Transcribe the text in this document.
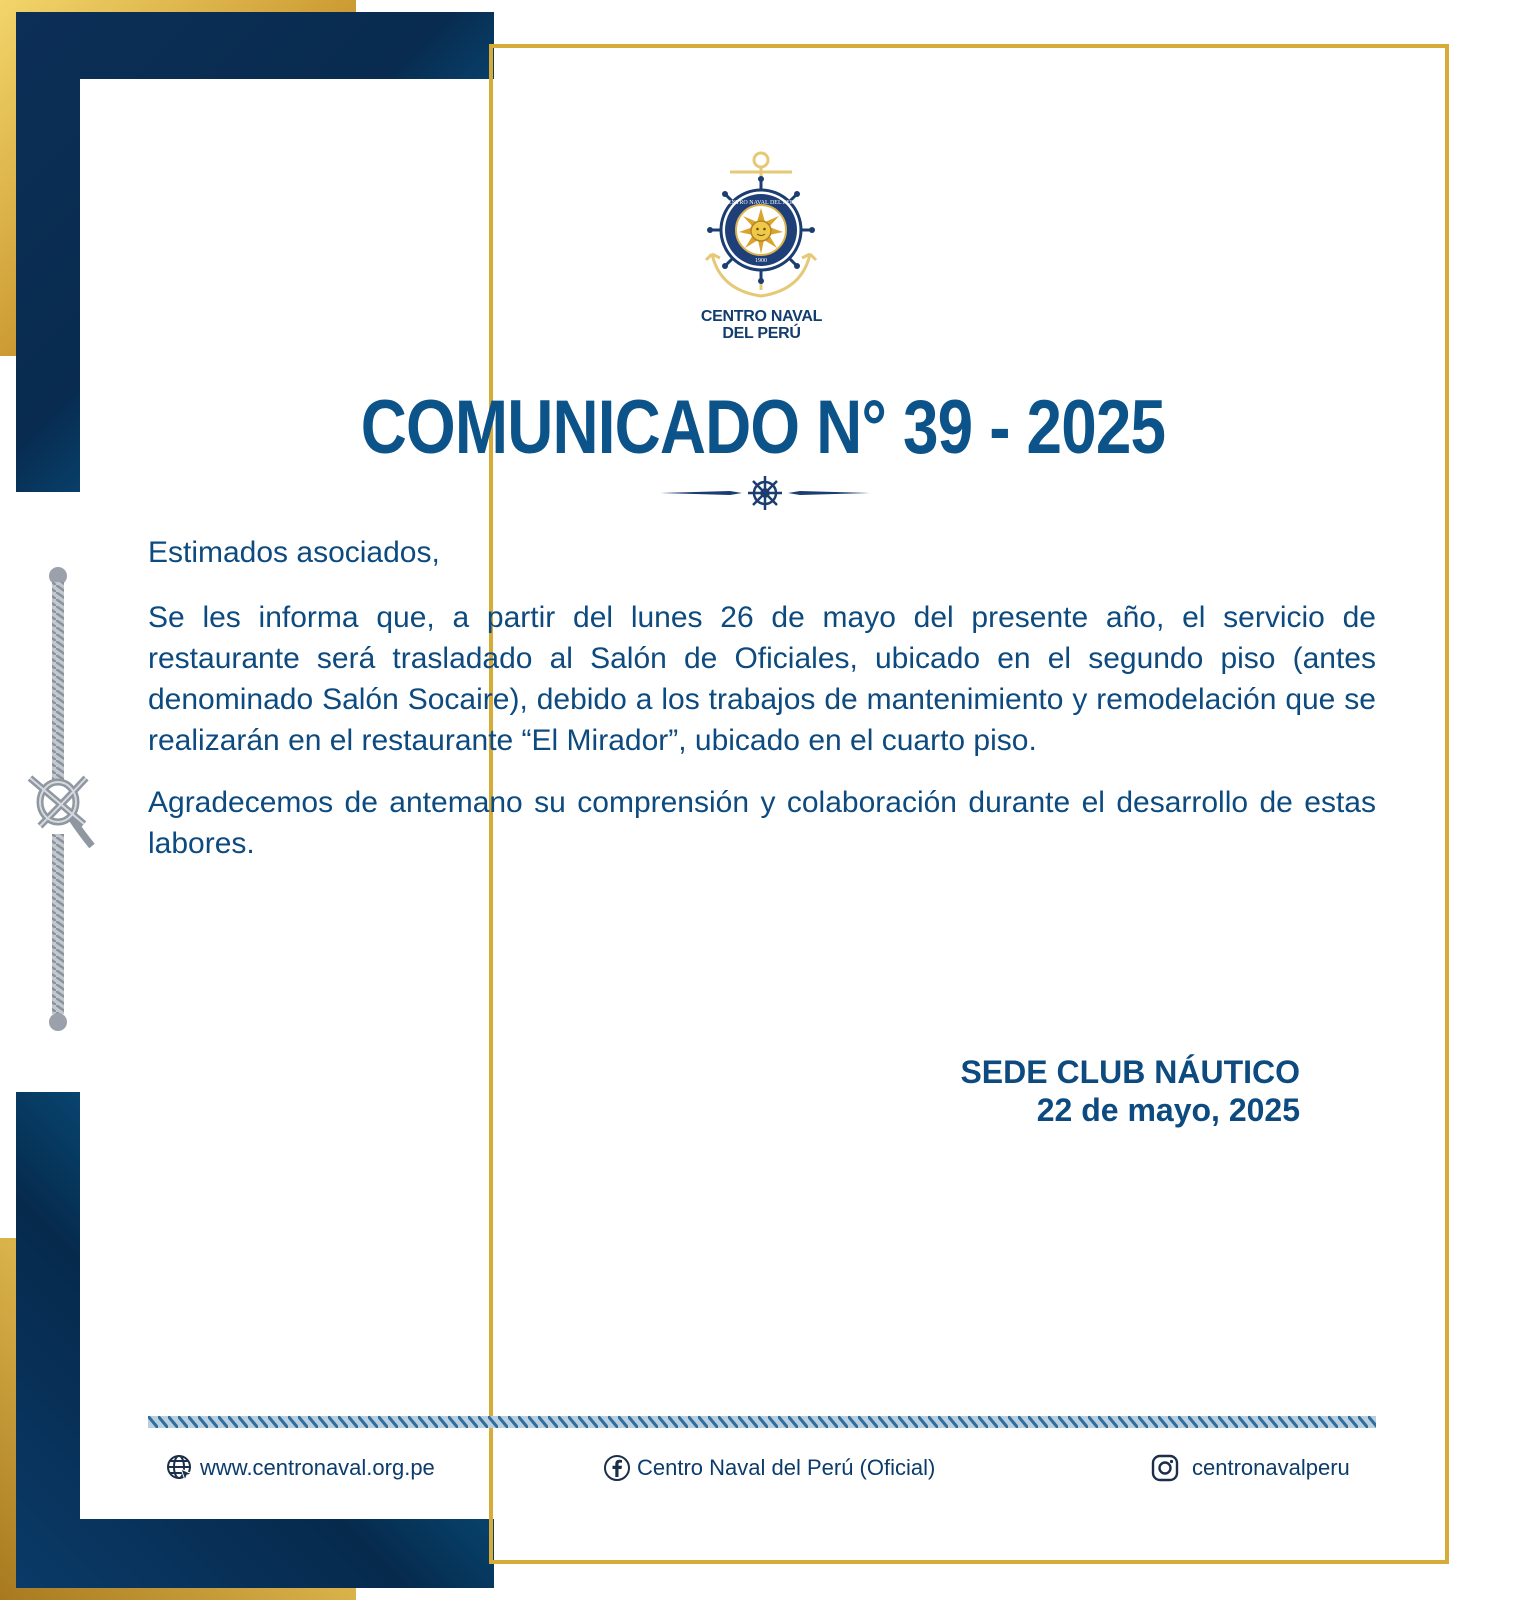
CENTRO NAVAL DEL PERÚ
1900
CENTRO NAVAL
DEL PERÚ
COMUNICADO N° 39 - 2025

Estimados asociados,

Se les informa que, a partir del lunes 26 de mayo del presente año, el servicio de restaurante será trasladado al Salón de Oficiales, ubicado en el segundo piso (antes denominado Salón Socaire), debido a los trabajos de mantenimiento y remodelación que se realizarán en el restaurante “El Mirador”, ubicado en el cuarto piso.

Agradecemos de antemano su comprensión y colaboración durante el desarrollo de estas labores.

SEDE CLUB NÁUTICO
22 de mayo, 2025
www.centronaval.org.pe	Centro Naval del Perú (Oficial)	centronavalperu
